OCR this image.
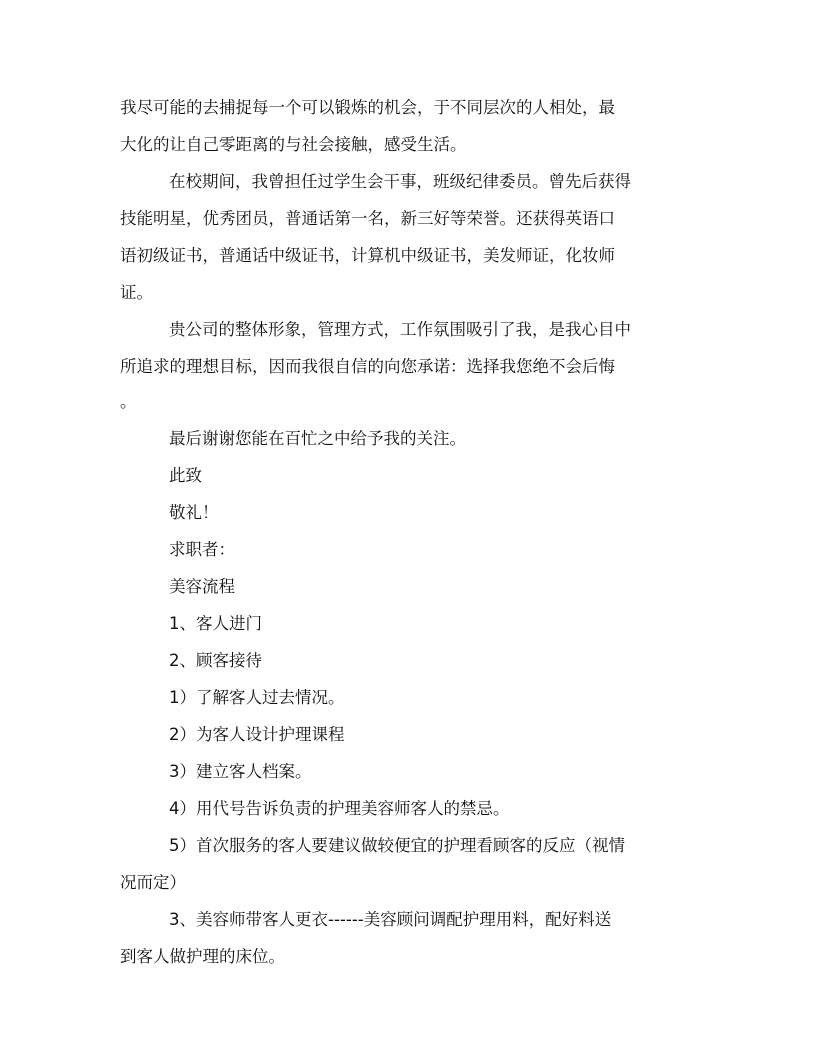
我尽可能的去捕捉每一个可以锻炼的机会，于不同层次的人相处，最
大化的让自己零距离的与社会接触，感受生活。
在校期间，我曾担任过学生会干事，班级纪律委员。曾先后获得
技能明星，优秀团员，普通话第一名，新三好等荣誉。还获得英语口
语初级证书，普通话中级证书，计算机中级证书，美发师证，化妆师
证。
贵公司的整体形象，管理方式，工作氛围吸引了我，是我心目中
所追求的理想目标，因而我很自信的向您承诺：选择我您绝不会后悔
。
最后谢谢您能在百忙之中给予我的关注。
此致
敬礼！
求职者：
美容流程
1、客人进门
2、顾客接待
1）了解客人过去情况。
2）为客人设计护理课程
3）建立客人档案。
4）用代号告诉负责的护理美容师客人的禁忌。
5）首次服务的客人要建议做较便宜的护理看顾客的反应（视情
况而定）
3、美容师带客人更衣------美容顾问调配护理用料，配好料送
到客人做护理的床位。
